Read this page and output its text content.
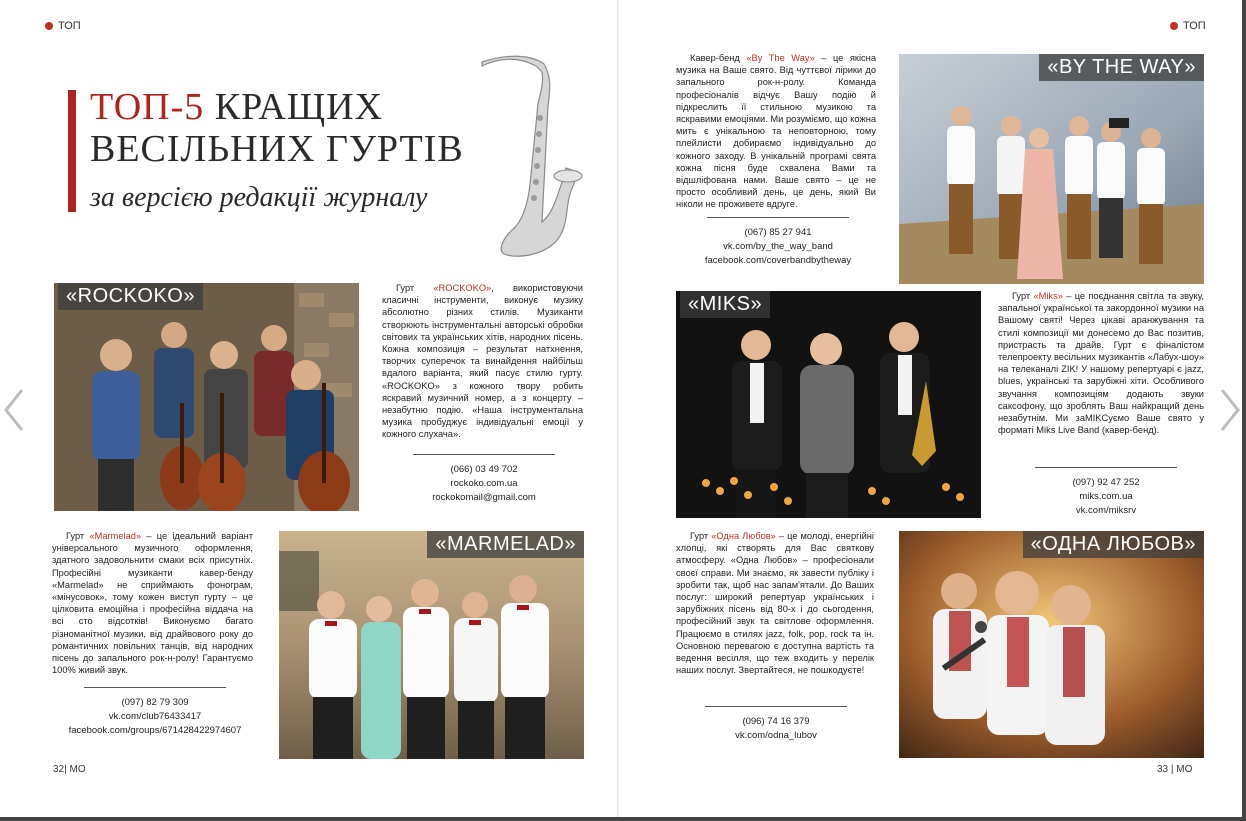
ТОП
ТОП-5 КРАЩИХ
ВЕСІЛЬНИХ ГУРТІВ
за версією редакції журналу
«ROCKOKO»	Гурт «ROCKOKO», використовуючи класичні інструменти, виконує музику абсолютно різних стилів. Музиканти створюють інструментальні авторські обробки світових та українських хітів, народних пісень. Кожна композиція – результат натхнення, творчих суперечок та винайдення найбільш вдалого варіанта, який пасує стилю гурту. «ROCKOKO» з кожного твору робить яскравий музичний номер, а з концерту – незабутню подію. «Наша інструментальна музика пробуджує індивідуальні емоції у кожного слухача».
(066) 03 49 702
rockoko.com.ua
rockokomail@gmail.com
Гурт «Marmelad» – це ідеальний варіант універсального музичного оформлення, здатного задовольнити смаки всіх присутніх. Професійні музиканти кавер-бенду «Marmelad» не сприймають фонограм, «мінусовок», тому кожен виступ гурту – це цілковита емоційна і професійна віддача на всі сто відсотків! Виконуємо багато різноманітної музики, від драйвового року до романтичних повільних танців, від народних пісень до запального рок-н-ролу! Гарантуємо 100% живий звук.
(097) 82 79 309
vk.com/club76433417
facebook.com/groups/671428422974607
«MARMELAD»
32| МО
ТОП
Кавер-бенд «By The Way» – це якісна музика на Ваше свято. Від чуттєвої лірики до запального рок-н-ролу. Команда професіоналів відчує Вашу подію й підкреслить її стильною музикою та яскравими емоціями. Ми розуміємо, що кожна мить є унікальною та неповторною, тому плейлисти добираємо індивідуально до кожного заходу. В унікальній програмі свята кожна пісня буде схвалена Вами та відшліфована нами. Ваше свято – це не просто особливий день, це день, який Ви ніколи не проживете вдруге.
(067) 85 27 941
vk.com/by_the_way_band
facebook.com/coverbandbytheway
«BY THE WAY»
«MIKS»	Гурт «Miks» – це поєднання світла та звуку, запальної української та закордонної музики на Вашому святі! Через цікаві аранжування та стилі композиції ми донесемо до Вас позитив, пристрасть та драйв. Гурт є фіналістом телепроекту весільних музикантів «Лабух-шоу» на телеканалі ZIK! У нашому репертуарі є jazz, blues, українські та зарубіжні хіти. Особливого звучання композиціям додають звуки саксофону, що зроблять Ваш найкращий день незабутнім. Ми заMIKСуємо Ваше свято у форматі Miks Live Band (кавер-бенд).
(097) 92 47 252
miks.com.ua
vk.com/miksrv
Гурт «Одна Любов» – це молоді, енергійні хлопці, які створять для Вас святкову атмосферу. «Одна Любов» – професіонали своєї справи. Ми знаємо, як завести публіку і зробити так, щоб нас запам'ятали. До Ваших послуг: широкий репертуар українських і зарубіжних пісень від 80-х і до сьогодення, професійний звук та світлове оформлення. Працюємо в стилях jazz, folk, pop, rock та ін. Основною перевагою є доступна вартість та ведення весілля, що теж входить у перелік наших послуг. Звертайтеся, не пошкодуєте!
(096) 74 16 379
vk.com/odna_lubov
«ОДНА ЛЮБОВ»
33 | МО
